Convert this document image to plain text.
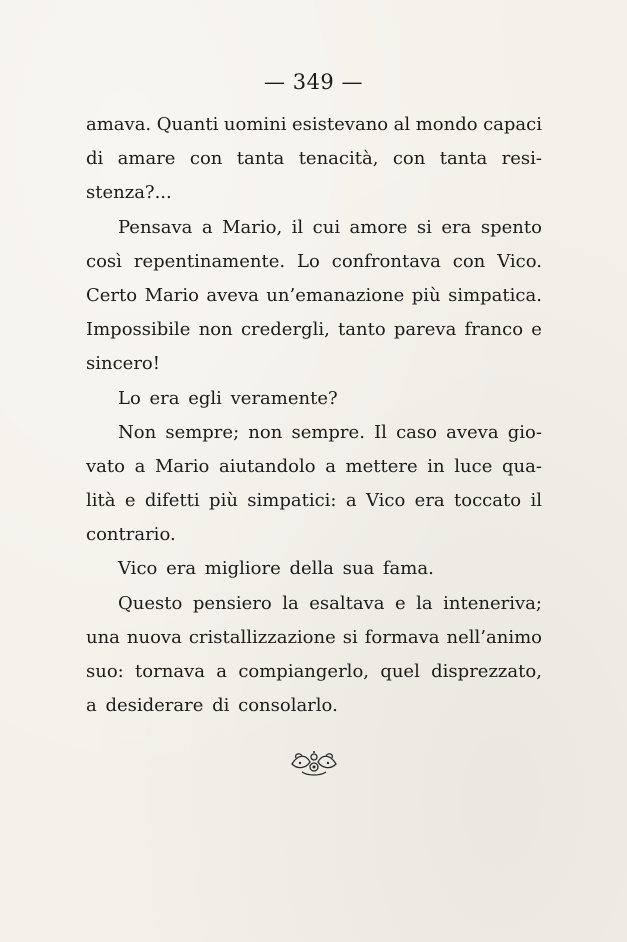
— 349 —
amava. Quanti uomini esistevano al mondo capaci
di amare con tanta tenacità, con tanta resi-
stenza?...
Pensava a Mario, il cui amore si era spento
così repentinamente. Lo confrontava con Vico.
Certo Mario aveva un’emanazione più simpatica.
Impossibile non credergli, tanto pareva franco e
sincero!
Lo era egli veramente?
Non sempre; non sempre. Il caso aveva gio-
vato a Mario aiutandolo a mettere in luce qua-
lità e difetti più simpatici: a Vico era toccato il
contrario.
Vico era migliore della sua fama.
Questo pensiero la esaltava e la inteneriva;
una nuova cristallizzazione si formava nell’animo
suo: tornava a compiangerlo, quel disprezzato,
a desiderare di consolarlo.
